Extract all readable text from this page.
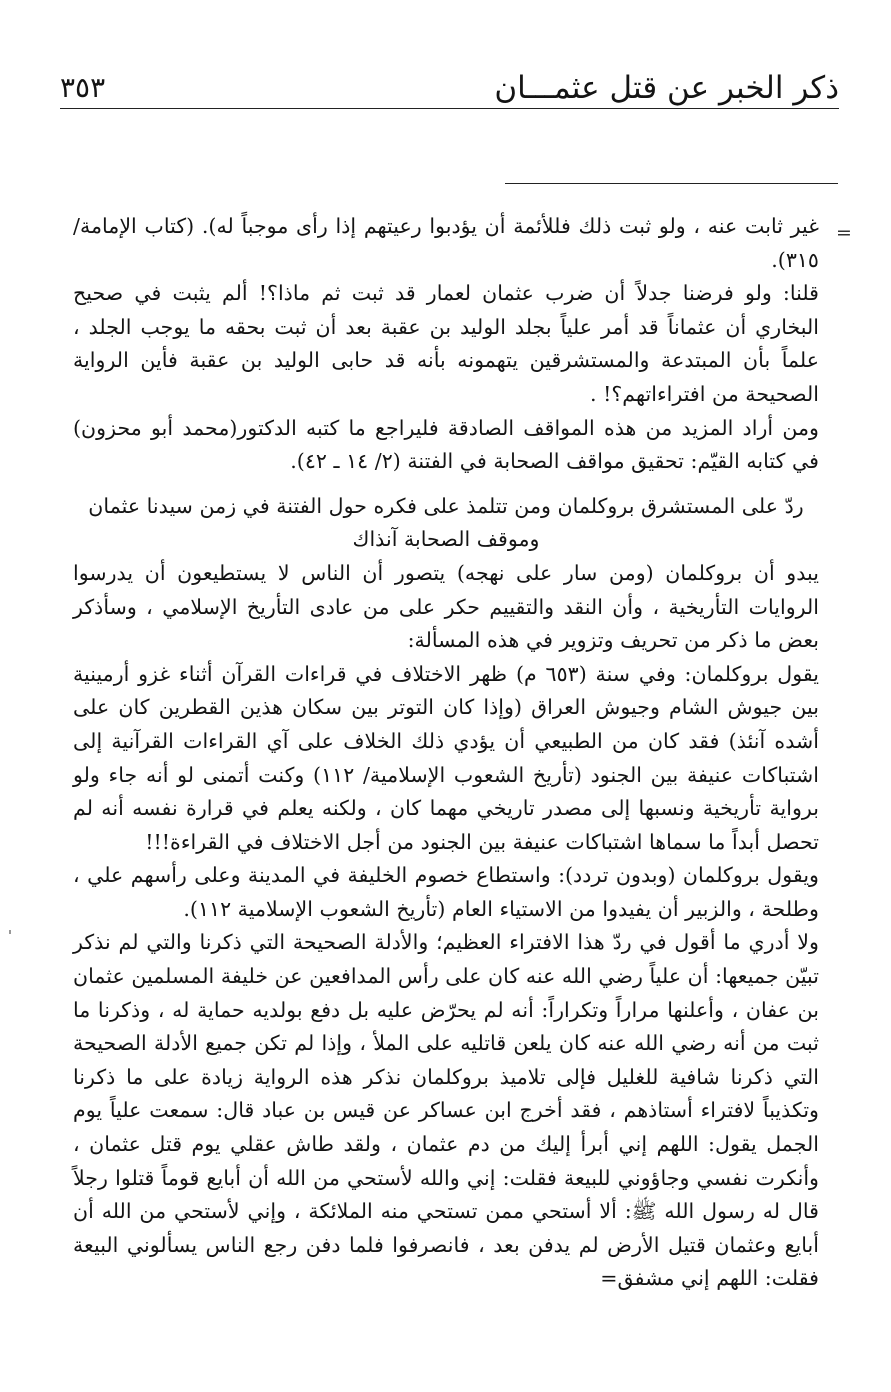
ذكر الخبر عن قتل عثمـــان
٣٥٣
=

غير ثابت عنه ، ولو ثبت ذلك فللأئمة أن يؤدبوا رعيتهم إذا رأى موجباً له). (كتاب الإمامة/ ٣١٥).

قلنا: ولو فرضنا جدلاً أن ضرب عثمان لعمار قد ثبت ثم ماذا؟! ألم يثبت في صحيح البخاري أن عثماناً قد أمر علياً بجلد الوليد بن عقبة بعد أن ثبت بحقه ما يوجب الجلد ، علماً بأن المبتدعة والمستشرقين يتهمونه بأنه قد حابى الوليد بن عقبة فأين الرواية الصحيحة من افتراءاتهم؟! .

ومن أراد المزيد من هذه المواقف الصادقة فليراجع ما كتبه الدكتور(محمد أبو محزون) في كتابه القيّم: تحقيق مواقف الصحابة في الفتنة (٢/ ١٤ ـ ٤٢).

ردّ على المستشرق بروكلمان ومن تتلمذ على فكره حول الفتنة في زمن سيدنا عثمان

وموقف الصحابة آنذاك

يبدو أن بروكلمان (ومن سار على نهجه) يتصور أن الناس لا يستطيعون أن يدرسوا الروايات التأريخية ، وأن النقد والتقييم حكر على من عادى التأريخ الإسلامي ، وسأذكر بعض ما ذكر من تحريف وتزوير في هذه المسألة:

يقول بروكلمان: وفي سنة (٦٥٣ م) ظهر الاختلاف في قراءات القرآن أثناء غزو أرمينية بين جيوش الشام وجيوش العراق (وإذا كان التوتر بين سكان هذين القطرين كان على أشده آنئذ) فقد كان من الطبيعي أن يؤدي ذلك الخلاف على آي القراءات القرآنية إلى اشتباكات عنيفة بين الجنود (تأريخ الشعوب الإسلامية/ ١١٢) وكنت أتمنى لو أنه جاء ولو برواية تأريخية ونسبها إلى مصدر تاريخي مهما كان ، ولكنه يعلم في قرارة نفسه أنه لم تحصل أبداً ما سماها اشتباكات عنيفة بين الجنود من أجل الاختلاف في القراءة!!!

ويقول بروكلمان (وبدون تردد): واستطاع خصوم الخليفة في المدينة وعلى رأسهم علي ، وطلحة ، والزبير أن يفيدوا من الاستياء العام (تأريخ الشعوب الإسلامية ١١٢).

ولا أدري ما أقول في ردّ هذا الافتراء العظيم؛ والأدلة الصحيحة التي ذكرنا والتي لم نذكر تبيّن جميعها: أن علياً رضي الله عنه كان على رأس المدافعين عن خليفة المسلمين عثمان بن عفان ، وأعلنها مراراً وتكراراً: أنه لم يحرّض عليه بل دفع بولديه حماية له ، وذكرنا ما ثبت من أنه رضي الله عنه كان يلعن قاتليه على الملأ ، وإذا لم تكن جميع الأدلة الصحيحة التي ذكرنا شافية للغليل فإلى تلاميذ بروكلمان نذكر هذه الرواية زيادة على ما ذكرنا وتكذيباً لافتراء أستاذهم ، فقد أخرج ابن عساكر عن قيس بن عباد قال: سمعت علياً يوم الجمل يقول: اللهم إني أبرأ إليك من دم عثمان ، ولقد طاش عقلي يوم قتل عثمان ، وأنكرت نفسي وجاؤوني للبيعة فقلت: إني والله لأستحي من الله أن أبايع قوماً قتلوا رجلاً قال له رسول الله ﷺ: ألا أستحي ممن تستحي منه الملائكة ، وإني لأستحي من الله أن أبايع وعثمان قتيل الأرض لم يدفن بعد ، فانصرفوا فلما دفن رجع الناس يسألوني البيعة فقلت: اللهم إني مشفق=
